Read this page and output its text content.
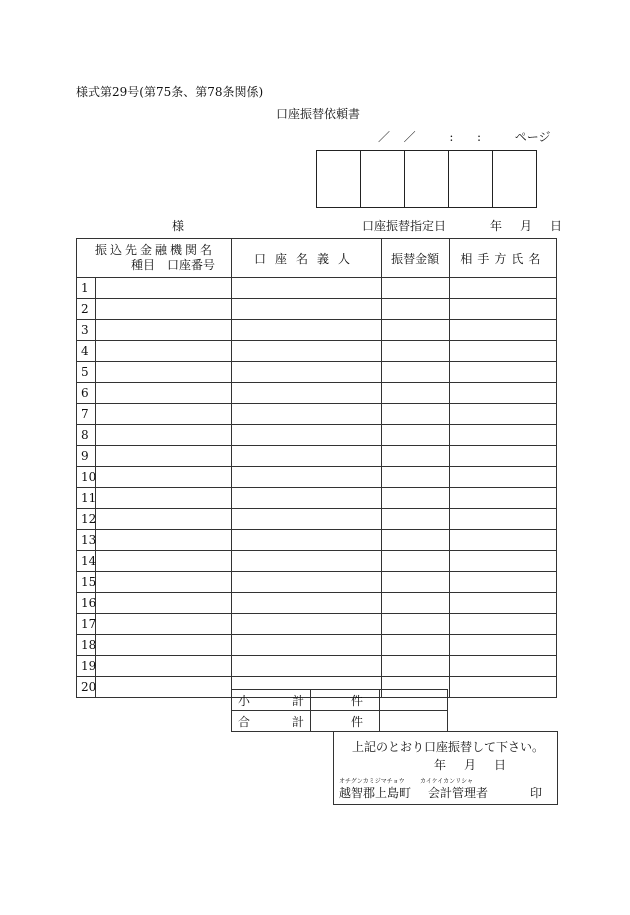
様式第29号(第75条、第78条関係)
口座振替依頼書
／ ／	: :	ページ
様	口座振替指定日	年 月 日
振込先金融機関名
種目　口座番号		口座名義人	振替金額	相手方氏名
1				
2				
3				
4				
5				
6				
7				
8				
9				
10				
11				
12				
13				
14				
15				
16				
17				
18				
19				
20				
小 計	件	

合 計	件	
上記のとおり口座振替して下さい。
年 月 日
オチグンカミジマチョウ	カイケイカンリシャ
越智郡上島町 会計管理者	印
